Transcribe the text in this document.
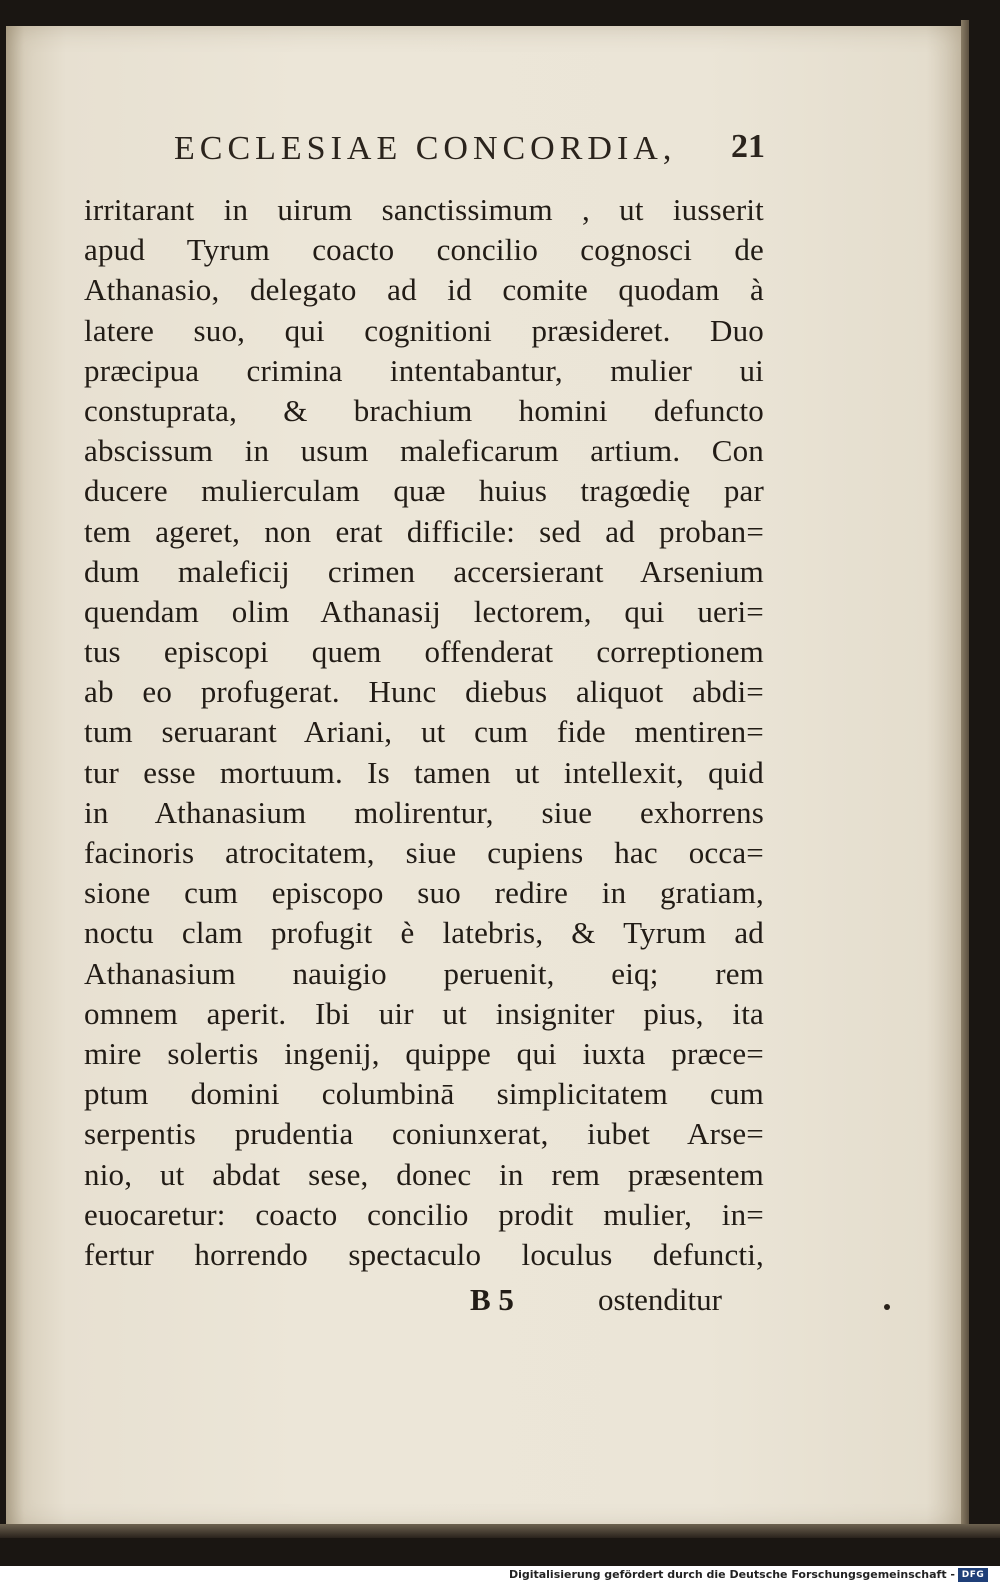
ECCLESIAE CONCORDIA, 21
irritarant in uirum sanctissimum , ut iusserit
apud Tyrum coacto concilio cognosci de
Athanasio, delegato ad id comite quodam à
latere suo, qui cognitioni præsideret. Duo
præcipua crimina intentabantur, mulier ui
constuprata, & brachium homini defuncto
abscissum in usum maleficarum artium. Con
ducere mulierculam quæ huius tragœdię par
tem ageret, non erat difficile: sed ad proban=
dum maleficij crimen accersierant Arsenium
quendam olim Athanasij lectorem, qui ueri=
tus episcopi quem offenderat correptionem
ab eo profugerat. Hunc diebus aliquot abdi=
tum seruarant Ariani, ut cum fide mentiren=
tur esse mortuum. Is tamen ut intellexit, quid
in Athanasium molirentur, siue exhorrens
facinoris atrocitatem, siue cupiens hac occa=
sione cum episcopo suo redire in gratiam,
noctu clam profugit è latebris, & Tyrum ad
Athanasium nauigio peruenit, eiq; rem
omnem aperit. Ibi uir ut insigniter pius, ita
mire solertis ingenij, quippe qui iuxta præce=
ptum domini columbinā simplicitatem cum
serpentis prudentia coniunxerat, iubet Arse=
nio, ut abdat sese, donec in rem præsentem
euocaretur: coacto concilio prodit mulier, in=
fertur horrendo spectaculo loculus defuncti,
B 5	ostenditur
Digitalisierung gefördert durch die Deutsche Forschungsgemeinschaft - DFG
